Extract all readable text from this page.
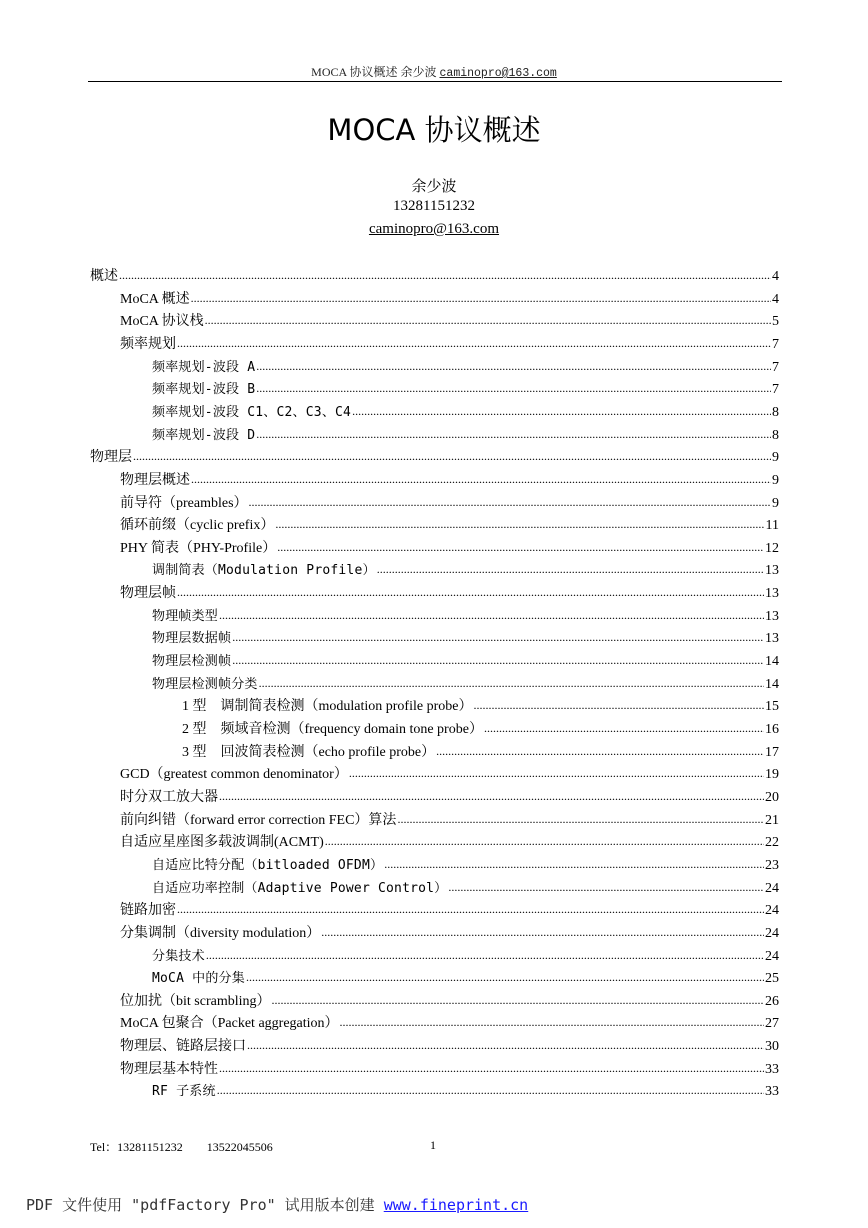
MOCA 协议概述 余少波 caminopro@163.com
MOCA 协议概述
余少波
13281151232
caminopro@163.com
概述 .....	4
MoCA 概述 .....	4
MoCA 协议栈 .....	5
频率规划 .....	7
频率规划-波段 A .....	7
频率规划-波段 B .....	7
频率规划-波段 C1、C2、C3、C4 .....	8
频率规划-波段 D .....	8
物理层 .....	9
物理层概述 .....	9
前导符（preambles） .....	9
循环前缀（cyclic prefix） .....	11
PHY 简表（PHY-Profile） .....	12
调制简表（Modulation Profile） .....	13
物理层帧 .....	13
物理帧类型 .....	13
物理层数据帧 .....	13
物理层检测帧 .....	14
物理层检测帧分类 .....	14
1 型　调制简表检测（modulation profile probe） .....	15
2 型　频域音检测（frequency domain tone probe） .....	16
3 型　回波简表检测（echo profile probe） .....	17
GCD（greatest common denominator） .....	19
时分双工放大器 .....	20
前向纠错（forward error correction FEC）算法 .....	21
自适应星座图多载波调制(ACMT) .....	22
自适应比特分配（bitloaded OFDM） .....	23
自适应功率控制（Adaptive Power Control） .....	24
链路加密 .....	24
分集调制（diversity modulation） .....	24
分集技术 .....	24
MoCA 中的分集 .....	25
位加扰（bit scrambling） .....	26
MoCA 包聚合（Packet aggregation） .....	27
物理层、链路层接口 .....	30
物理层基本特性 .....	33
RF 子系统 .....	33
Tel：13281151232 13522045506	1
PDF 文件使用 "pdfFactory Pro" 试用版本创建 www.fineprint.cn
